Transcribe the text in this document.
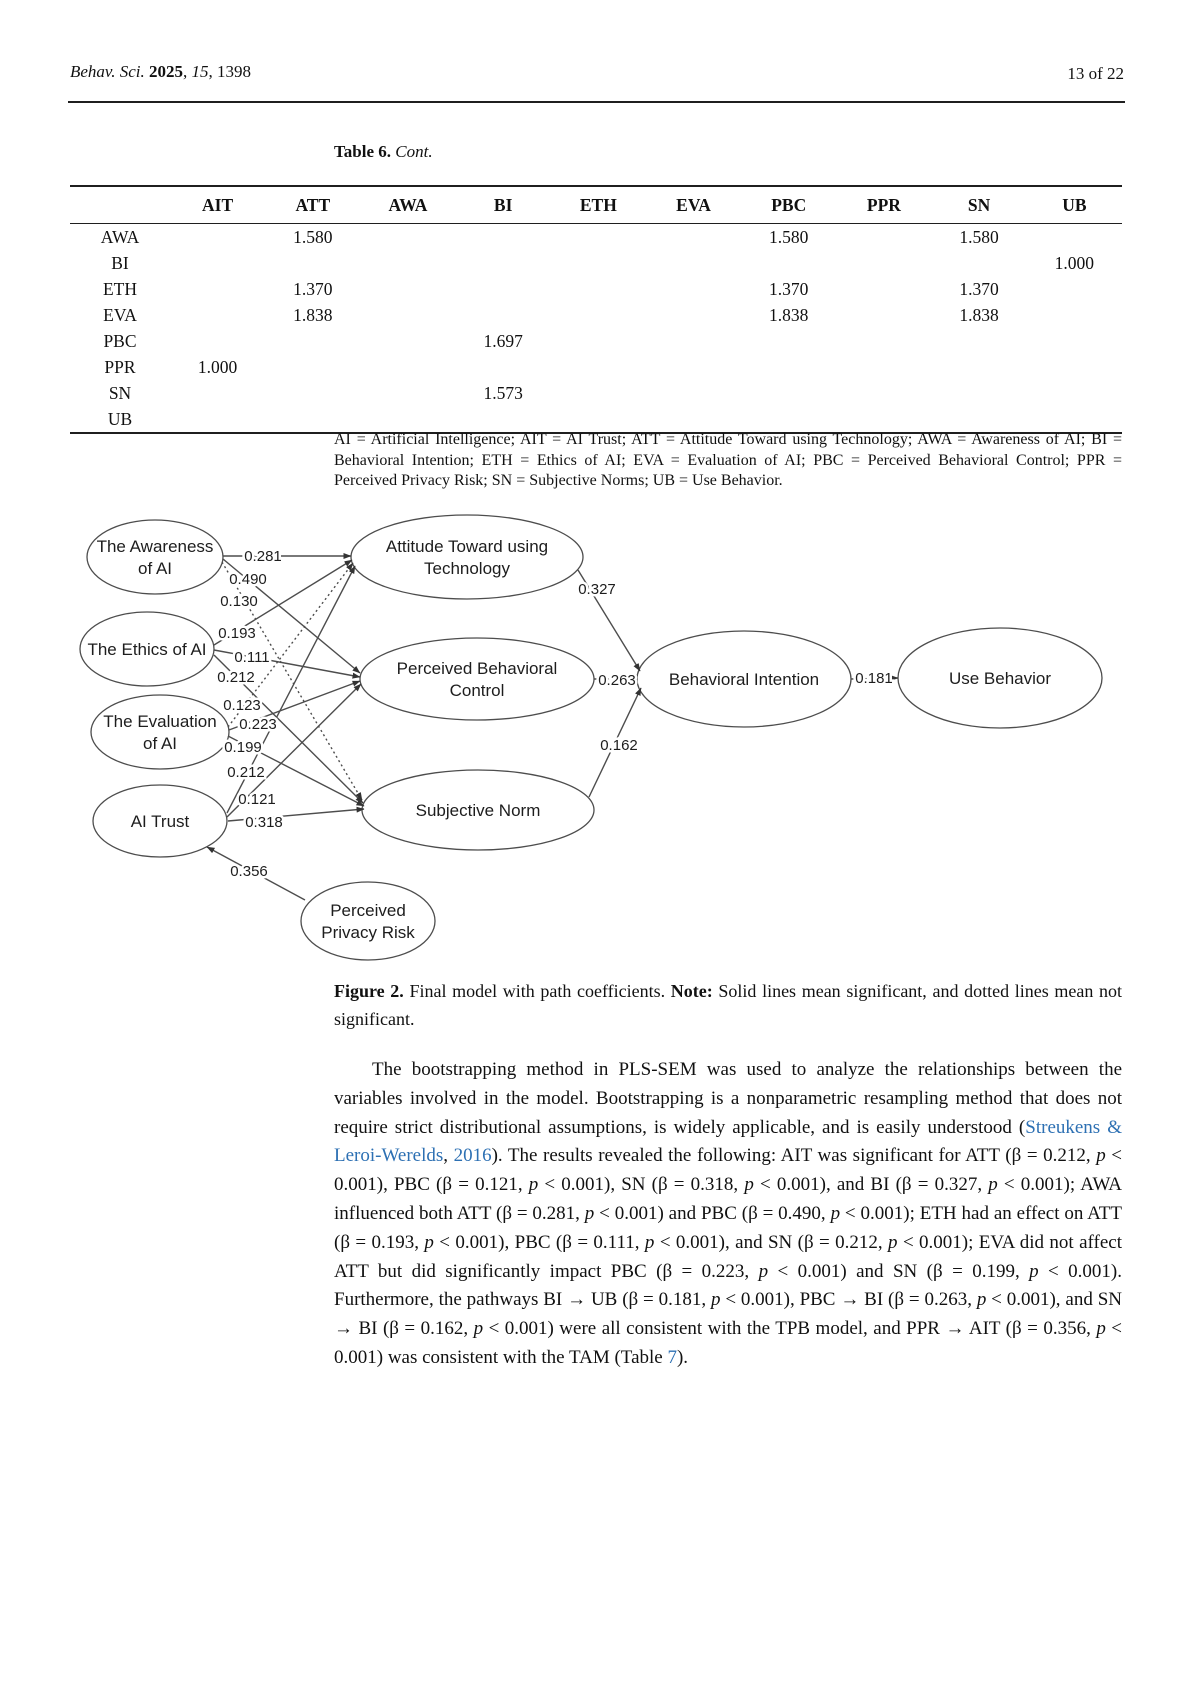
Behav. Sci. 2025, 15, 1398	13 of 22
Table 6. Cont.
	AIT	ATT	AWA	BI	ETH	EVA	PBC	PPR	SN	UB
AWA		1.580					1.580		1.580	
BI										1.000
ETH		1.370					1.370		1.370	
EVA		1.838					1.838		1.838	
PBC				1.697						
PPR	1.000									
SN				1.573						
UB										
AI = Artificial Intelligence; AIT = AI Trust; ATT = Attitude Toward using Technology; AWA = Awareness of AI; BI = Behavioral Intention; ETH = Ethics of AI; EVA = Evaluation of AI; PBC = Perceived Behavioral Control; PPR = Perceived Privacy Risk; SN = Subjective Norms; UB = Use Behavior.
0.281
0.490
0.130
0.193
0.111
0.212
0.123
0.223
0.199
0.212
0.121
0.318
0.327
0.263
0.162
0.181
0.356
The Awareness of AI
The Ethics of AI
The Evaluation of AI
AI Trust
Perceived Privacy Risk
Attitude Toward using Technology
Perceived Behavioral Control
Subjective Norm
Behavioral Intention	Use Behavior
Figure 2. Final model with path coefficients. Note: Solid lines mean significant, and dotted lines mean not significant.
The bootstrapping method in PLS-SEM was used to analyze the relationships between the variables involved in the model. Bootstrapping is a nonparametric resampling method that does not require strict distributional assumptions, is widely applicable, and is easily understood (Streukens & Leroi-Werelds, 2016). The results revealed the following: AIT was significant for ATT (β = 0.212, p < 0.001), PBC (β = 0.121, p < 0.001), SN (β = 0.318, p < 0.001), and BI (β = 0.327, p < 0.001); AWA influenced both ATT (β = 0.281, p < 0.001) and PBC (β = 0.490, p < 0.001); ETH had an effect on ATT (β = 0.193, p < 0.001), PBC (β = 0.111, p < 0.001), and SN (β = 0.212, p < 0.001); EVA did not affect ATT but did significantly impact PBC (β = 0.223, p < 0.001) and SN (β = 0.199, p < 0.001). Furthermore, the pathways BI → UB (β = 0.181, p < 0.001), PBC → BI (β = 0.263, p < 0.001), and SN → BI (β = 0.162, p < 0.001) were all consistent with the TPB model, and PPR → AIT (β = 0.356, p < 0.001) was consistent with the TAM (Table 7).
